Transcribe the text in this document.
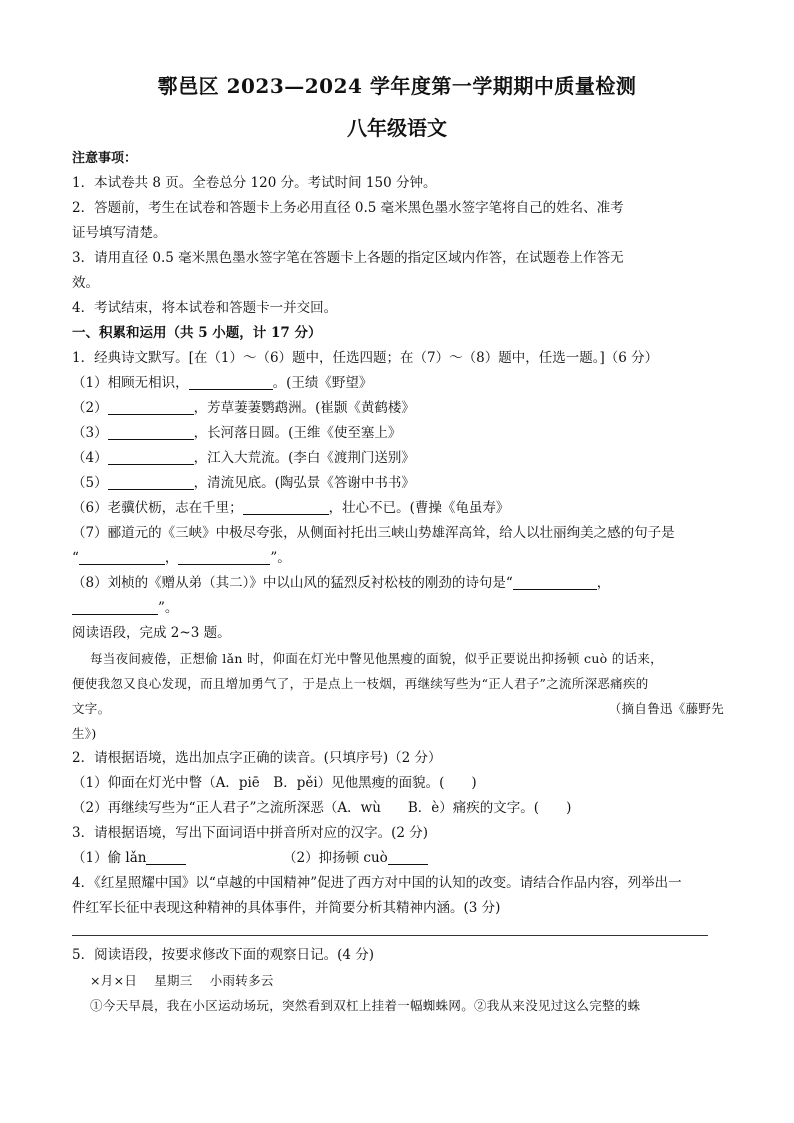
鄠邑区 2023—2024 学年度第一学期期中质量检测
八年级语文
注意事项：
1．本试卷共 8 页。全卷总分 120 分。考试时间 150 分钟。
2．答题前，考生在试卷和答题卡上务必用直径 0.5 毫米黑色墨水签字笔将自己的姓名、准考
证号填写清楚。
3．请用直径 0.5 毫米黑色墨水签字笔在答题卡上各题的指定区域内作答，在试题卷上作答无
效。
4．考试结束，将本试卷和答题卡一并交回。
一、积累和运用（共 5 小题，计 17 分）
1．经典诗文默写。[在（1）～（6）题中，任选四题；在（7）～（8）题中，任选一题。]（6 分）
（1）相顾无相识，	。(王绩《野望》
（2）	，芳草萋萋鹦鹉洲。(崔颢《黄鹤楼》
（3）	，长河落日圆。(王维《使至塞上》
（4）	，江入大荒流。(李白《渡荆门送别》
（5）	，清流见底。(陶弘景《答谢中书书》
（6）老骥伏枥，志在千里；	，壮心不已。(曹操《龟虽寿》
（7）郦道元的《三峡》中极尽夸张，从侧面衬托出三峡山势雄浑高耸，给人以壮丽绚美之感的句子是
“	，	”。
（8）刘桢的《赠从弟（其二）》中以山风的猛烈反衬松枝的刚劲的诗句是“	，
”。
阅读语段，完成 2~3 题。
每当夜间疲倦，正想偷 lǎn 时，仰面在灯光中瞥见他黑瘦的面貌，似乎正要说出抑扬顿 cuò 的话来，
便使我忽又良心发现，而且增加勇气了，于是点上一枝烟，再继续写些为“正人君子”之流所深恶痛疾的
文字。	（摘自鲁迅《藤野先
生》)
2．请根据语境，选出加点字正确的读音。(只填序号)（2 分）
（1）仰面在灯光中瞥（A．piē　B．pěi）见他黑瘦的面貌。(　　)
（2）再继续写些为“正人君子”之流所深恶（A．wù　　B．è）痛疾的文字。(　　)
3．请根据语境，写出下面词语中拼音所对应的汉字。(2 分)
（1）偷 lǎn	（2）抑扬顿 cuò
4．《红星照耀中国》以“卓越的中国精神”促进了西方对中国的认知的改变。请结合作品内容，列举出一
件红军长征中表现这种精神的具体事件，并简要分析其精神内涵。(3 分)
5．阅读语段，按要求修改下面的观察日记。(4 分)
×月×日　 星期三　 小雨转多云
①今天早晨，我在小区运动场玩，突然看到双杠上挂着一幅蜘蛛网。②我从来没见过这么完整的蛛
